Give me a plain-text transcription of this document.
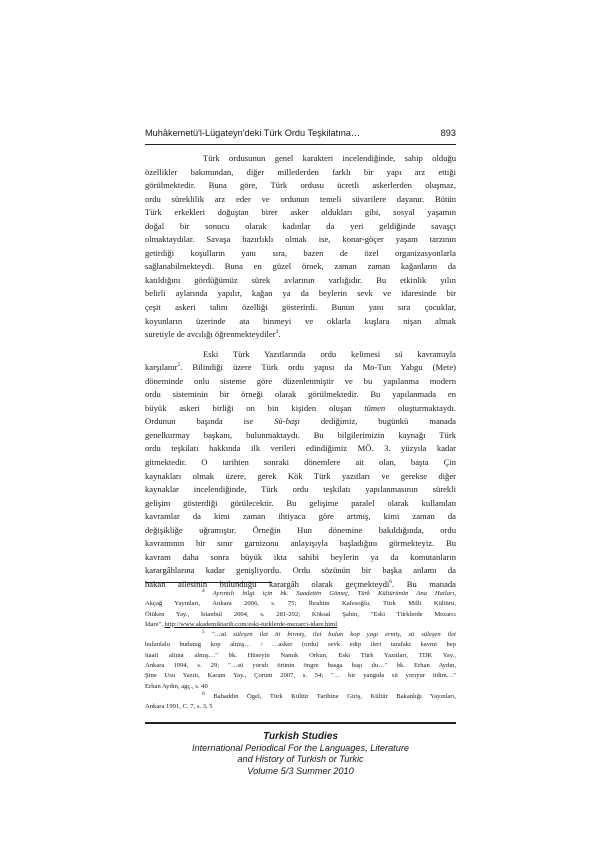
Muhâkemetü'l-Lügateyn'deki Türk Ordu Teşkilatına…	893

Türk ordusunun genel karakteri incelendiğinde, sahip olduğu
özellikler bakımından, diğer milletlerden farklı bir yapı arz ettiği
görülmektedir. Buna göre, Türk ordusu ücretli askerlerden oluşmaz,
ordu süreklilik arz eder ve ordunun temeli süvarilere dayanır. Bütün
Türk erkekleri doğuştan birer asker oldukları gibi, sosyal yaşamın
doğal bir sonucu olarak kadınlar da yeri geldiğinde savaşçı
olmaktaydılar. Savaşa hazırlıklı olmak ise, konar-göçer yaşam tarzının
getirdiği koşulların yanı sıra, bazen de özel organizasyonlarla
sağlanabilmekteydi. Buna en güzel örnek, zaman zaman kağanların da
katıldığını gördüğümüz sürek avlarının varlığıdır. Bu etkinlik yılın
belirli aylarında yapılır, kağan ya da beylerin sevk ve idaresinde bir
çeşit askeri talim özelliği gösterirdi. Bunun yanı sıra çocuklar,
koyunların üzerinde ata binmeyi ve oklarla kuşlara nişan almak
suretiyle de avcılığı öğrenmekteydiler$^4$.

Eski Türk Yazıtlarında ordu kelimesi sü kavramıyla
karşılanır$^5$. Bilindiği üzere Türk ordu yapısı da Mo-Tun Yabgu (Mete)
döneminde onlu sisteme göre düzenlenmiştir ve bu yapılanma modern
ordu sisteminin bir örneği olarak görülmektedir. Bu yapılanmada en
büyük askeri birliği on bin kişiden oluşan tümen oluşturmaktaydı.
Ordunun başında ise Sü-başı dediğimiz, bugünkü manada
genelkurmay başkanı, bulunmaktaydı. Bu bilgilerimizin kaynağı Türk
ordu teşkilatı hakkında ilk verileri edindiğimiz MÖ. 3. yüzyıla kadar
gitmektedir. O tarihten sonraki dönemlere ait olan, başta Çin
kaynakları olmak üzere, gerek Kök Türk yazıtları ve gerekse diğer
kaynaklar incelendiğinde, Türk ordu teşkilatı yapılanmasının sürekli
gelişim gösterdiği görülecektir. Bu gelişime paralel olarak kullanılan
kavramlar da kimi zaman ihtiyaca göre artmış, kimi zaman da
değişikliğe uğramıştır. Örneğin Hun dönemine bakıldığında, ordu
kavramının bir sınır garnizonu anlayışıyla başladığını görmekteyiz. Bu
kavram daha sonra büyük ikta sahibi beylerin ya da komutanların
karargâhlarına kadar genişliyordu. Ordu sözünün bir başka anlamı da
hakan ailesinin bulunduğu karargâh olarak geçmekteydi$^6$. Bu manada

$^4$ Ayrıntılı bilgi için bk. Saadettin Gömeç, Türk Kültürünün Ana Hatları,
Akçağ Yayınları, Ankara 2006, s. 75; İbrahim Kafesoğlu, Türk Milli Kültürü,
Ötüken Yay., İstanbul 2004, s. 281-292; Köksal Şahin, "Eski Türklerde Mezarcı
İdare", http://www.akademiktarih.com/eski-turklerde-mezarci-idare.html
$^5$ "…sü süleşen ilet iti birmiş, ilet bulun kop yagı ermiş, sü süleşen ilet
bulunlalu budunıg kop almış… / …asker (ordu) sevk edip ileri tarafaki kavmi hep
itaati altına almış…" bk. Hüseyin Namık Orkun, Eski Türk Yazıtları, TDK Yay.,
Ankara 1994, s. 29; "…sü yorıdı örünin öngre basga başı ılu…" bk. Erhan Aydın,
Şine Usu Yazıtı, Karam Yay., Çorum 2007, s. 54; "… bir yangıda sü yorıyur tidim…"
Erhan Aydın, agç., s. 40
$^6$ Bahaddin Ögel, Türk Kültür Tarihine Giriş, Kültür Bakanlığı Yayınları,
Ankara 1991, C. 7, s. 3, 5
Turkish Studies
International Periodical For the Languages, Literature
and History of Turkish or Turkic
Volume 5/3 Summer 2010
